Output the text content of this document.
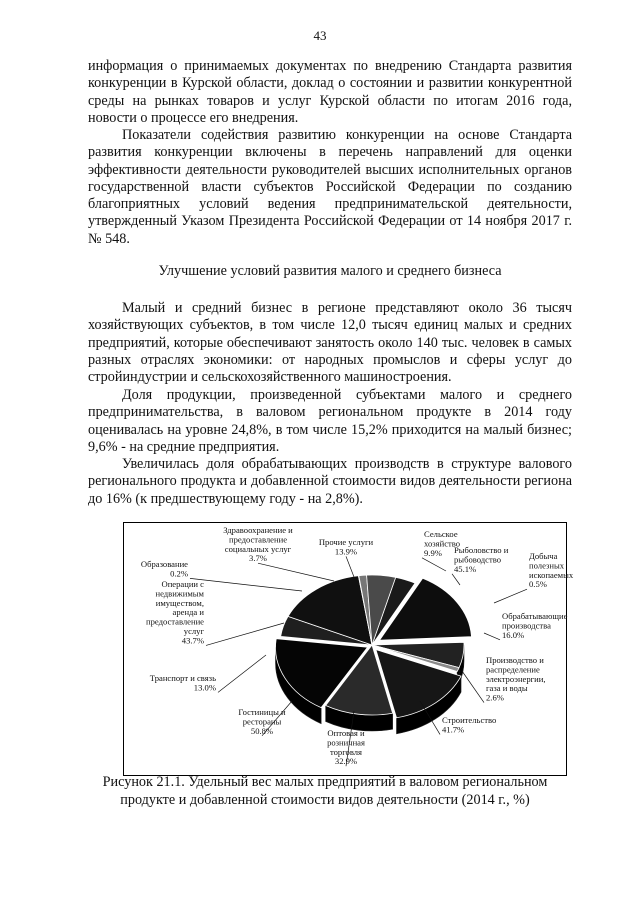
43

информация о принимаемых документах по внедрению Стандарта развития конкуренции в Курской области, доклад о состоянии и развитии конкурентной среды на рынках товаров и услуг Курской области по итогам 2016 года, новости о процессе его внедрения.

Показатели содействия развитию конкуренции на основе Стандарта развития конкуренции включены в перечень направлений для оценки эффективности деятельности руководителей высших исполнительных органов государственной власти субъектов Российской Федерации по созданию благоприятных условий ведения предпринимательской деятельности, утвержденный Указом Президента Российской Федерации от 14 ноября 2017 г. № 548.

Улучшение условий развития малого и среднего бизнеса

Малый и средний бизнес в регионе представляют около 36 тысяч хозяйствующих субъектов, в том числе 12,0 тысяч единиц малых и средних предприятий, которые обеспечивают занятость около 140 тыс. человек в самых разных отраслях экономики: от народных промыслов и сферы услуг до стройиндустрии и сельскохозяйственного машиностроения.

Доля продукции, произведенной субъектами малого и среднего предпринимательства, в валовом региональном продукте в 2014 году оценивалась на уровне 24,8%, в том числе 15,2% приходится на малый бизнес; 9,6% - на средние предприятия.

Увеличилась доля обрабатывающих производств в структуре валового регионального продукта и добавленной стоимости видов деятельности региона до 16% (к предшествующему году - на 2,8%).

Сельское
хозяйство
9.9% Рыболовство и
рыбоводство
45.1%
Добыча
полезных
ископаемых
0.5%
Обрабатывающие
производства
16.0%
Производство и
распределение
электроэнергии,
газа и воды
2.6%
Строительство
41.7%
Оптовая и
розничная
торговля
32.9%
Гостиницы и
рестораны
50.8%
Транспорт и связь
13.0%
Операции с
недвижимым
имуществом,
аренда и
предоставление
услуг
43.7%
Образование
0.2%
Здравоохранение и
предоставление
социальных услуг
3.7%
Прочие услуги
13.9%
Рисунок 21.1. Удельный вес малых предприятий в валовом региональном продукте и добавленной стоимости видов деятельности (2014 г., %)
